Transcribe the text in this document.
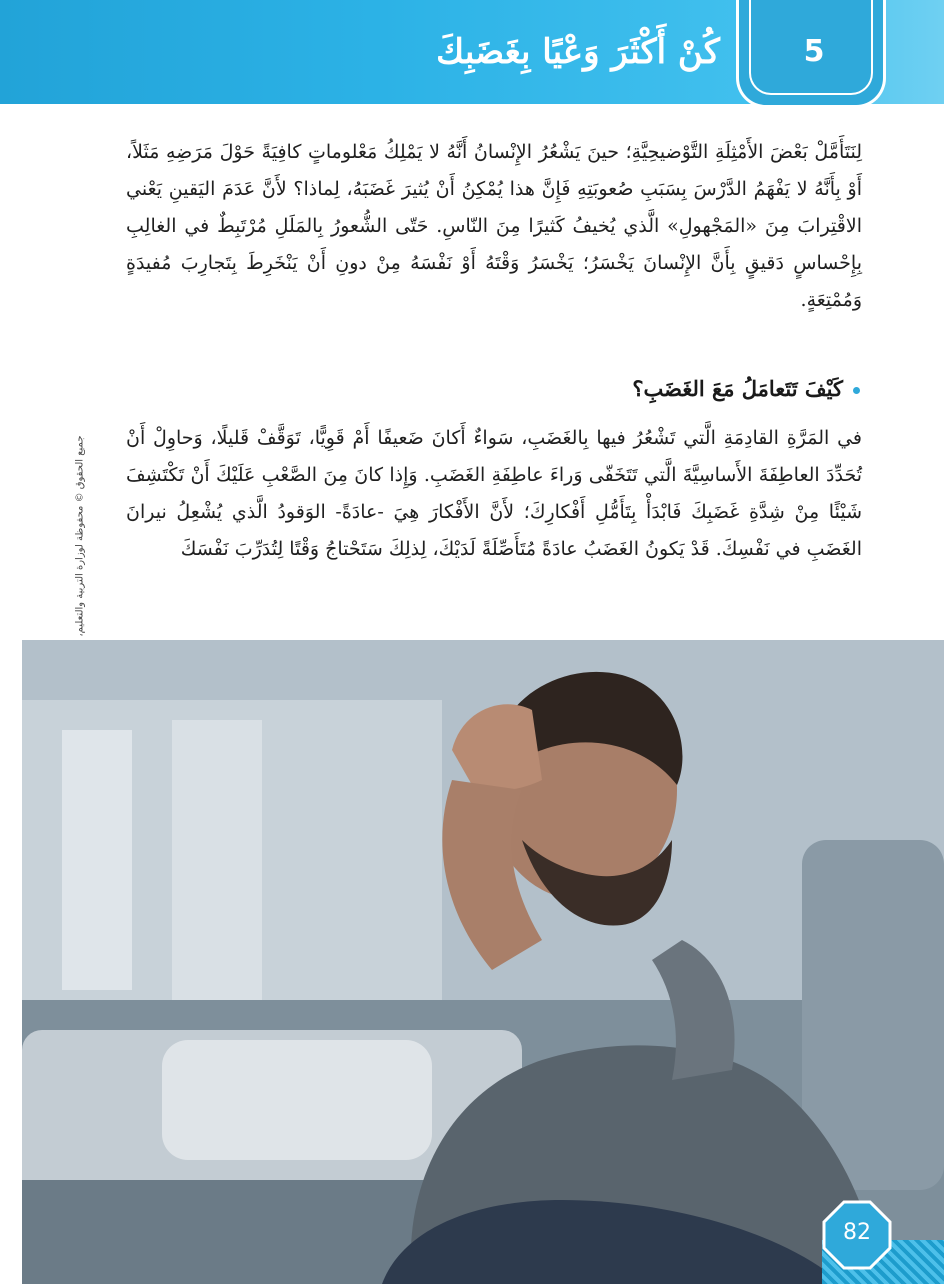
كُنْ أَكْثَرَ وَعْيًا بِغَضَبِكَ	5
لِنَتَأَمَّلْ بَعْضَ الأَمْثِلَةِ التَّوْضيحِيَّةِ؛ حينَ يَشْعُرُ الإِنْسانُ أَنَّهُ لا يَمْلِكُ مَعْلوماتٍ كافِيَةً حَوْلَ مَرَضِهِ مَثَلاً، أَوْ بِأَنَّهُ لا يَفْهَمُ الدَّرْسَ بِسَبَبِ صُعوبَتِهِ فَإِنَّ هذا يُمْكِنُ أَنْ يُثيرَ غَضَبَهُ، لِماذا؟ لأَنَّ عَدَمَ اليَقينِ يَعْني الاقْتِرابَ مِنَ «المَجْهولِ» الَّذي يُخيفُ كَثيرًا مِنَ النّاسِ. حَتّى الشُّعورُ بِالمَلَلِ مُرْتَبِطٌ في الغالِبِ بِإِحْساسٍ دَقيقٍ بِأَنَّ الإِنْسانَ يَخْسَرُ؛ يَخْسَرُ وَقْتَهُ أَوْ نَفْسَهُ مِنْ دونِ أَنْ يَنْخَرِطَ بِتَجارِبَ مُفيدَةٍ وَمُمْتِعَةٍ.
كَيْفَ تَتَعامَلُ مَعَ الغَضَبِ؟
في المَرَّةِ القادِمَةِ الَّتي تَشْعُرُ فيها بِالغَضَبِ، سَواءٌ أَكانَ ضَعيفًا أَمْ قَوِيًّا، تَوَقَّفْ قَليلًا، وَحاوِلْ أَنْ تُحَدِّدَ العاطِفَةَ الأَساسِيَّةَ الَّتي تَتَخَفّى وَراءَ عاطِفَةِ الغَضَبِ. وَإِذا كانَ مِنَ الصَّعْبِ عَلَيْكَ أَنْ تَكْتَشِفَ شَيْئًا مِنْ شِدَّةِ غَضَبِكَ فَابْدَأْ بِتَأَمُّلِ أَفْكارِكَ؛ لأَنَّ الأَفْكارَ هِيَ -عادَةً- الوَقودُ الَّذي يُشْعِلُ نيرانَ الغَضَبِ في نَفْسِكَ. قَدْ يَكونُ الغَضَبُ عادَةً مُتَأَصِّلَةً لَدَيْكَ، لِذلِكَ سَتَحْتاجُ وَقْتًا لِتُدَرِّبَ نَفْسَكَ
82
